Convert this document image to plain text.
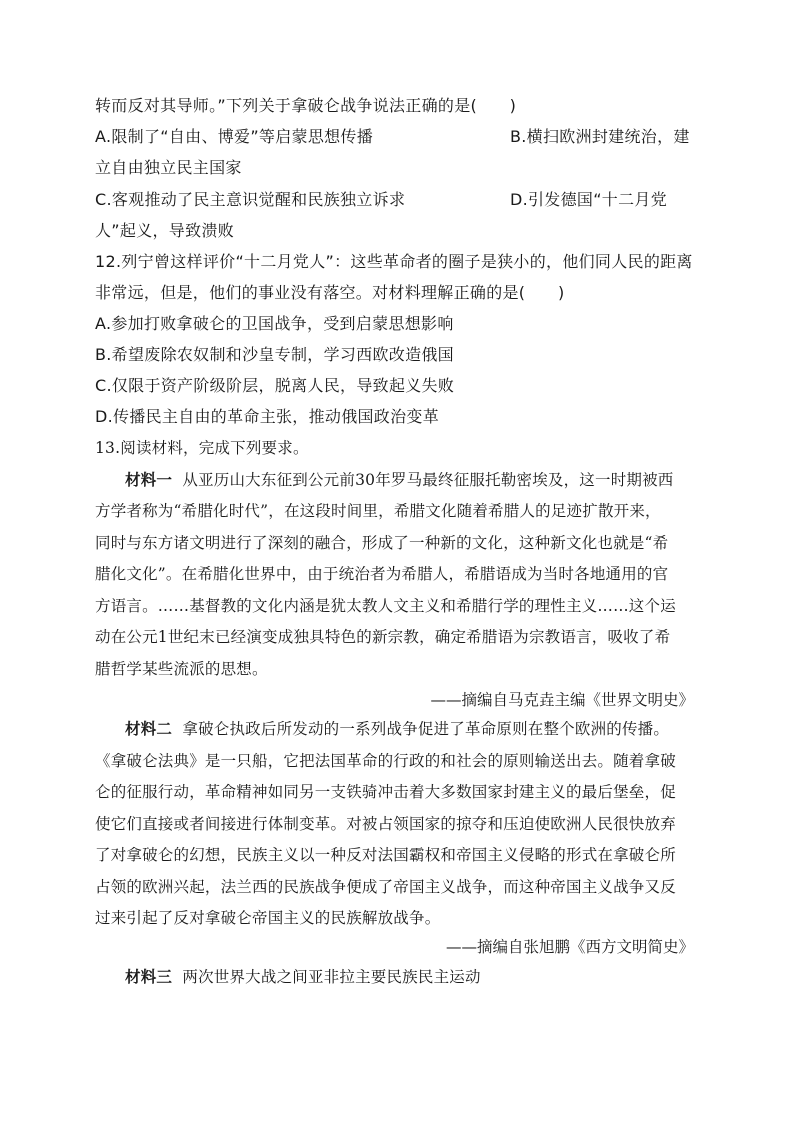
转而反对其导师。”下列关于拿破仑战争说法正确的是(　　)
A.限制了“自由、博爱”等启蒙思想传播	B.横扫欧洲封建统治，建
立自由独立民主国家
C.客观推动了民主意识觉醒和民族独立诉求	D.引发德国“十二月党
人”起义，导致溃败
12.列宁曾这样评价“十二月党人”：这些革命者的圈子是狭小的，他们同人民的距离
非常远，但是，他们的事业没有落空。对材料理解正确的是(　　)
A.参加打败拿破仑的卫国战争，受到启蒙思想影响
B.希望废除农奴制和沙皇专制，学习西欧改造俄国
C.仅限于资产阶级阶层，脱离人民，导致起义失败
D.传播民主自由的革命主张，推动俄国政治变革
13.阅读材料，完成下列要求。
材料一 从亚历山大东征到公元前30年罗马最终征服托勒密埃及，这一时期被西
方学者称为“希腊化时代”，在这段时间里，希腊文化随着希腊人的足迹扩散开来，
同时与东方诸文明进行了深刻的融合，形成了一种新的文化，这种新文化也就是“希
腊化文化”。在希腊化世界中，由于统治者为希腊人，希腊语成为当时各地通用的官
方语言。……基督教的文化内涵是犹太教人文主义和希腊行学的理性主义……这个运
动在公元1世纪末已经演变成独具特色的新宗教，确定希腊语为宗教语言，吸收了希
腊哲学某些流派的思想。
——摘编自马克垚主编《世界文明史》
材料二 拿破仑执政后所发动的一系列战争促进了革命原则在整个欧洲的传播。
《拿破仑法典》是一只船，它把法国革命的行政的和社会的原则输送出去。随着拿破
仑的征服行动，革命精神如同另一支铁骑冲击着大多数国家封建主义的最后堡垒，促
使它们直接或者间接进行体制变革。对被占领国家的掠夺和压迫使欧洲人民很快放弃
了对拿破仑的幻想，民族主义以一种反对法国霸权和帝国主义侵略的形式在拿破仑所
占领的欧洲兴起，法兰西的民族战争便成了帝国主义战争，而这种帝国主义战争又反
过来引起了反对拿破仑帝国主义的民族解放战争。
——摘编自张旭鹏《西方文明简史》
材料三 两次世界大战之间亚非拉主要民族民主运动
